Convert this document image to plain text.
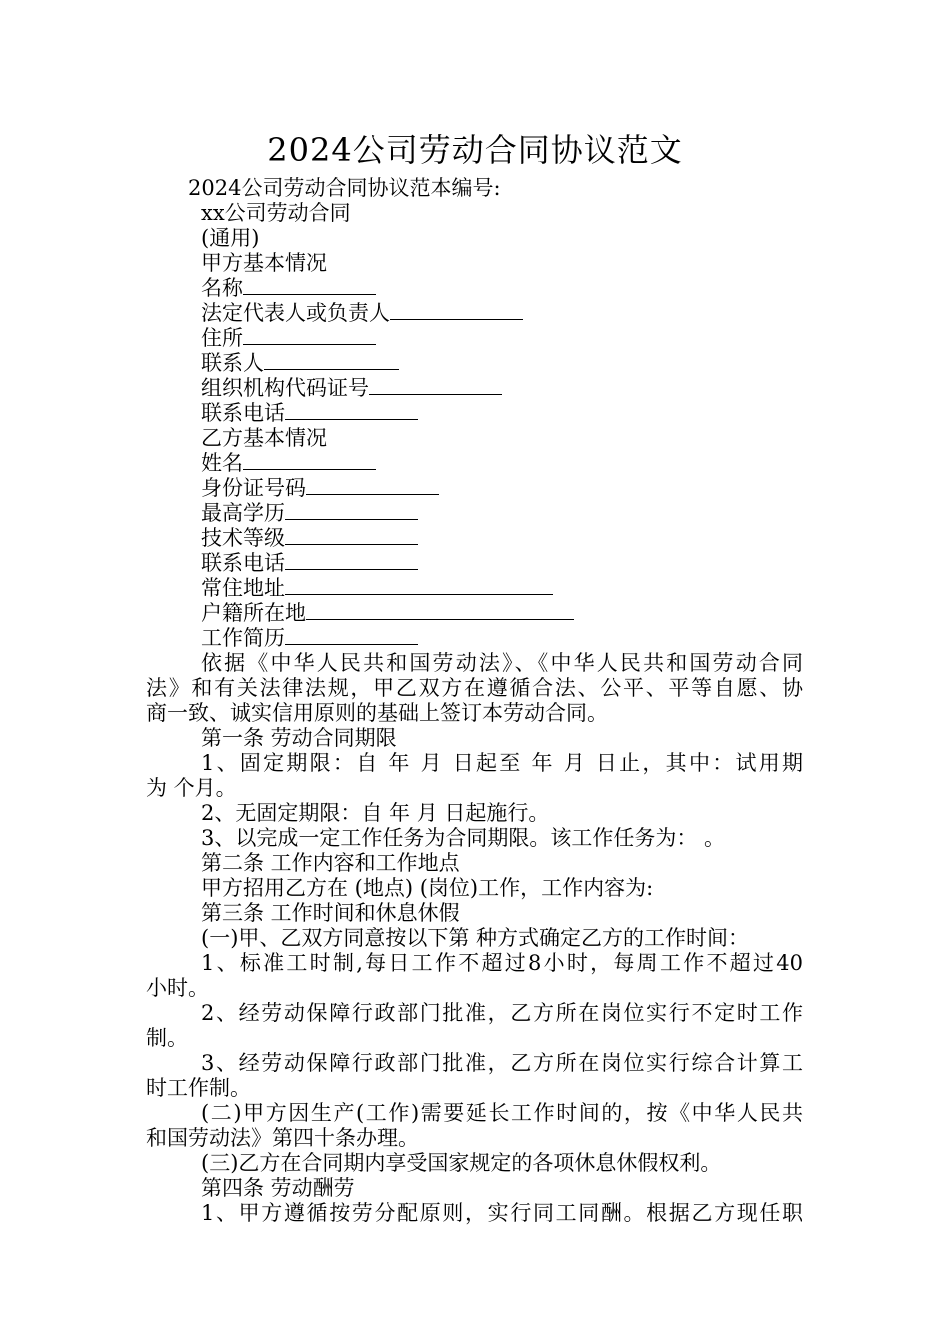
2024公司劳动合同协议范文
2024公司劳动合同协议范本编号:
xx公司劳动合同
(通用)
甲方基本情况
名称
法定代表人或负责人
住所
联系人
组织机构代码证号
联系电话
乙方基本情况
姓名
身份证号码
最高学历
技术等级
联系电话
常住地址
户籍所在地
工作简历
依据《中华人民共和国劳动法》、《中华人民共和国劳动合同
法》和有关法律法规，甲乙双方在遵循合法、公平、平等自愿、协
商一致、诚实信用原则的基础上签订本劳动合同。
第一条 劳动合同期限
1、固定期限：自 年 月 日起至 年 月 日止，其中：试用期
为 个月。
2、无固定期限：自 年 月 日起施行。
3、以完成一定工作任务为合同期限。该工作任务为： 。
第二条 工作内容和工作地点
甲方招用乙方在 (地点) (岗位)工作，工作内容为:
第三条 工作时间和休息休假
(一)甲、乙双方同意按以下第 种方式确定乙方的工作时间：
1、标准工时制,每日工作不超过8小时，每周工作不超过40
小时。
2、经劳动保障行政部门批准，乙方所在岗位实行不定时工作
制。
3、经劳动保障行政部门批准，乙方所在岗位实行综合计算工
时工作制。
(二)甲方因生产(工作)需要延长工作时间的，按《中华人民共
和国劳动法》第四十条办理。
(三)乙方在合同期内享受国家规定的各项休息休假权利。
第四条 劳动酬劳
1、甲方遵循按劳分配原则，实行同工同酬。根据乙方现任职
